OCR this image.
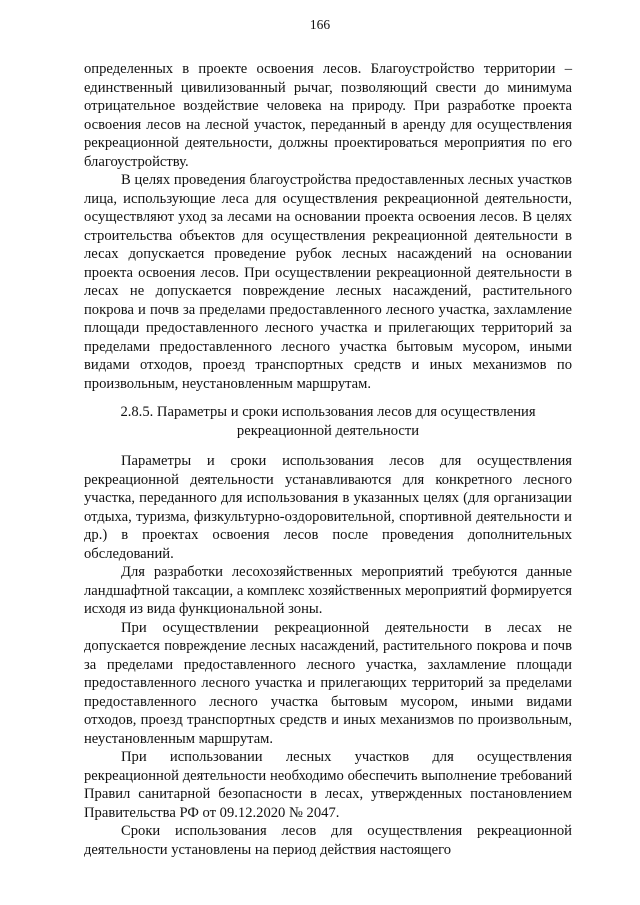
166

определенных в проекте освоения лесов. Благоустройство территории – единственный цивилизованный рычаг, позволяющий свести до минимума отрицательное воздействие человека на природу. При разработке проекта освоения лесов на лесной участок, переданный в аренду для осуществления рекреационной деятельности, должны проектироваться мероприятия по его благоустройству.

В целях проведения благоустройства предоставленных лесных участков лица, использующие леса для осуществления рекреационной деятельности, осуществляют уход за лесами на основании проекта освоения лесов. В целях строительства объектов для осуществления рекреационной деятельности в лесах допускается проведение рубок лесных насаждений на основании проекта освоения лесов. При осуществлении рекреационной деятельности в лесах не допускается повреждение лесных насаждений, растительного покрова и почв за пределами предоставленного лесного участка, захламление площади предоставленного лесного участка и прилегающих территорий за пределами предоставленного лесного участка бытовым мусором, иными видами отходов, проезд транспортных средств и иных механизмов по произвольным, неустановленным маршрутам.

2.8.5. Параметры и сроки использования лесов для осуществления
рекреационной деятельности

Параметры и сроки использования лесов для осуществления рекреационной деятельности устанавливаются для конкретного лесного участка, переданного для использования в указанных целях (для организации отдыха, туризма, физкультурно-оздоровительной, спортивной деятельности и др.) в проектах освоения лесов после проведения дополнительных обследований.

Для разработки лесохозяйственных мероприятий требуются данные ландшафтной таксации, а комплекс хозяйственных мероприятий формируется исходя из вида функциональной зоны.

При осуществлении рекреационной деятельности в лесах не допускается повреждение лесных насаждений, растительного покрова и почв за пределами предоставленного лесного участка, захламление площади предоставленного лесного участка и прилегающих территорий за пределами предоставленного лесного участка бытовым мусором, иными видами отходов, проезд транспортных средств и иных механизмов по произвольным, неустановленным маршрутам.

При использовании лесных участков для осуществления рекреационной деятельности необходимо обеспечить выполнение требований Правил санитарной безопасности в лесах, утвержденных постановлением Правительства РФ от 09.12.2020 № 2047.

Сроки использования лесов для осуществления рекреационной деятельности установлены на период действия настоящего
